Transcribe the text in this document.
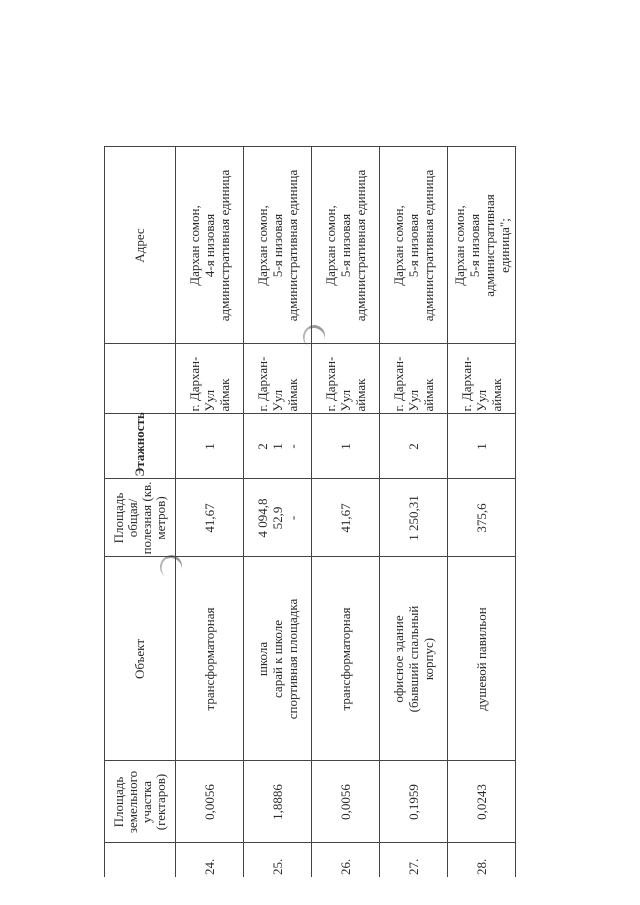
	Площадь земельного участка (гектаров)	Объект	Площадь общая/полезная (кв. метров)	Этажность		Адрес
24.	0,0056	трансформаторная	41,67	1	г. Дархан- Уул аймак	Дархан сомон, 4-я низовая административная единица

25.	1,8886	школа сарай к школе спортивная площадка	4 094,8 52,9 -	2 1 -	г. Дархан- Уул аймак	Дархан сомон, 5-я низовая административная единица

26.	0,0056	трансформаторная	41,67	1	г. Дархан- Уул аймак	Дархан сомон, 5-я низовая административная единица

27.	0,1959	офисное здание (бывший спальный корпус)	1 250,31	2	г. Дархан- Уул аймак	Дархан сомон, 5-я низовая административная единица

28.	0,0243	душевой павильон	375,6	1	г. Дархан- Уул аймак	Дархан сомон, 5-я низовая административная единица";
